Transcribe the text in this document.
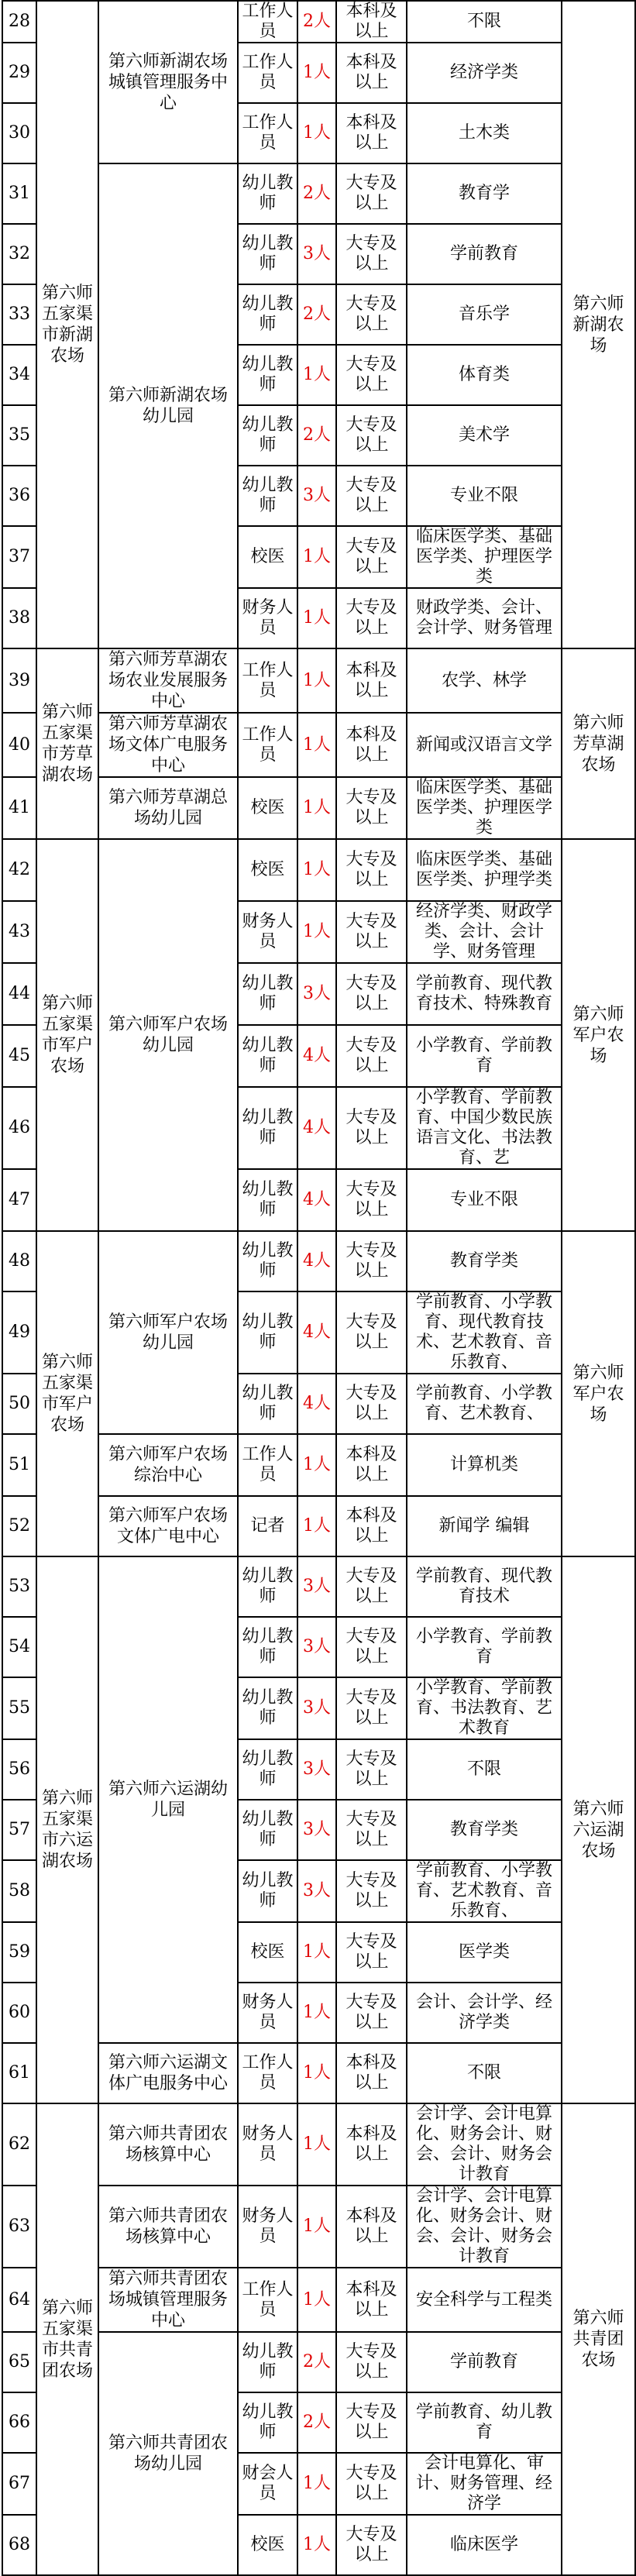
28	第六师五家渠市新湖农场	第六师新湖农场城镇管理服务中心	工作人员	2人	本科及以上	不限	第六师新湖农场
29			工作人员	1人	本科及以上	经济学类	
30			工作人员	1人	本科及以上	土木类	
31		第六师新湖农场幼儿园	幼儿教师	2人	大专及以上	教育学	
32			幼儿教师	3人	大专及以上	学前教育	
33			幼儿教师	2人	大专及以上	音乐学	
34			幼儿教师	1人	大专及以上	体育类	
35			幼儿教师	2人	大专及以上	美术学	
36			幼儿教师	3人	大专及以上	专业不限	
37			校医	1人	大专及以上	临床医学类、基础医学类、护理医学类	
38			财务人员	1人	大专及以上	财政学类、会计、会计学、财务管理	
39	第六师五家渠市芳草湖农场	第六师芳草湖农场农业发展服务中心	工作人员	1人	本科及以上	农学、林学	第六师芳草湖农场
40		第六师芳草湖农场文体广电服务中心	工作人员	1人	本科及以上	新闻或汉语言文学	
41		第六师芳草湖总场幼儿园	校医	1人	大专及以上	临床医学类、基础医学类、护理医学类	
42	第六师五家渠市军户农场	第六师军户农场幼儿园	校医	1人	大专及以上	临床医学类、基础医学类、护理学类	第六师军户农场
43			财务人员	1人	大专及以上	经济学类、财政学类、会计、会计学、财务管理	
44			幼儿教师	3人	大专及以上	学前教育、现代教育技术、特殊教育	
45			幼儿教师	4人	大专及以上	小学教育、学前教育	
46			幼儿教师	4人	大专及以上	小学教育、学前教育、中国少数民族语言文化、书法教育、艺	
47			幼儿教师	4人	大专及以上	专业不限	
48	第六师五家渠市军户农场	第六师军户农场幼儿园	幼儿教师	4人	大专及以上	教育学类	第六师军户农场
49			幼儿教师	4人	大专及以上	学前教育、小学教育、现代教育技术、艺术教育、音乐教育、	
50			幼儿教师	4人	大专及以上	学前教育、小学教育、艺术教育、	
51		第六师军户农场综治中心	工作人员	1人	本科及以上	计算机类	
52		第六师军户农场文体广电中心	记者	1人	本科及以上	新闻学 编辑	
53	第六师五家渠市六运湖农场	第六师六运湖幼儿园	幼儿教师	3人	大专及以上	学前教育、现代教育技术	第六师六运湖农场
54			幼儿教师	3人	大专及以上	小学教育、学前教育	
55			幼儿教师	3人	大专及以上	小学教育、学前教育、书法教育、艺术教育	
56			幼儿教师	3人	大专及以上	不限	
57			幼儿教师	3人	大专及以上	教育学类	
58			幼儿教师	3人	大专及以上	学前教育、小学教育、艺术教育、音乐教育、	
59			校医	1人	大专及以上	医学类	
60			财务人员	1人	大专及以上	会计、会计学、经济学类	
61		第六师六运湖文体广电服务中心	工作人员	1人	本科及以上	不限	
62	第六师五家渠市共青团农场	第六师共青团农场核算中心	财务人员	1人	本科及以上	会计学、会计电算化、财务会计、财会、会计、财务会计教育	第六师共青团农场
63		第六师共青团农场核算中心	财务人员	1人	本科及以上	会计学、会计电算化、财务会计、财会、会计、财务会计教育	
64		第六师共青团农场城镇管理服务中心	工作人员	1人	本科及以上	安全科学与工程类	
65		第六师共青团农场幼儿园	幼儿教师	2人	大专及以上	学前教育	
66			幼儿教师	2人	大专及以上	学前教育、幼儿教育	
67			财会人员	1人	大专及以上	会计电算化、审计、财务管理、经济学	
68			校医	1人	大专及以上	临床医学	
